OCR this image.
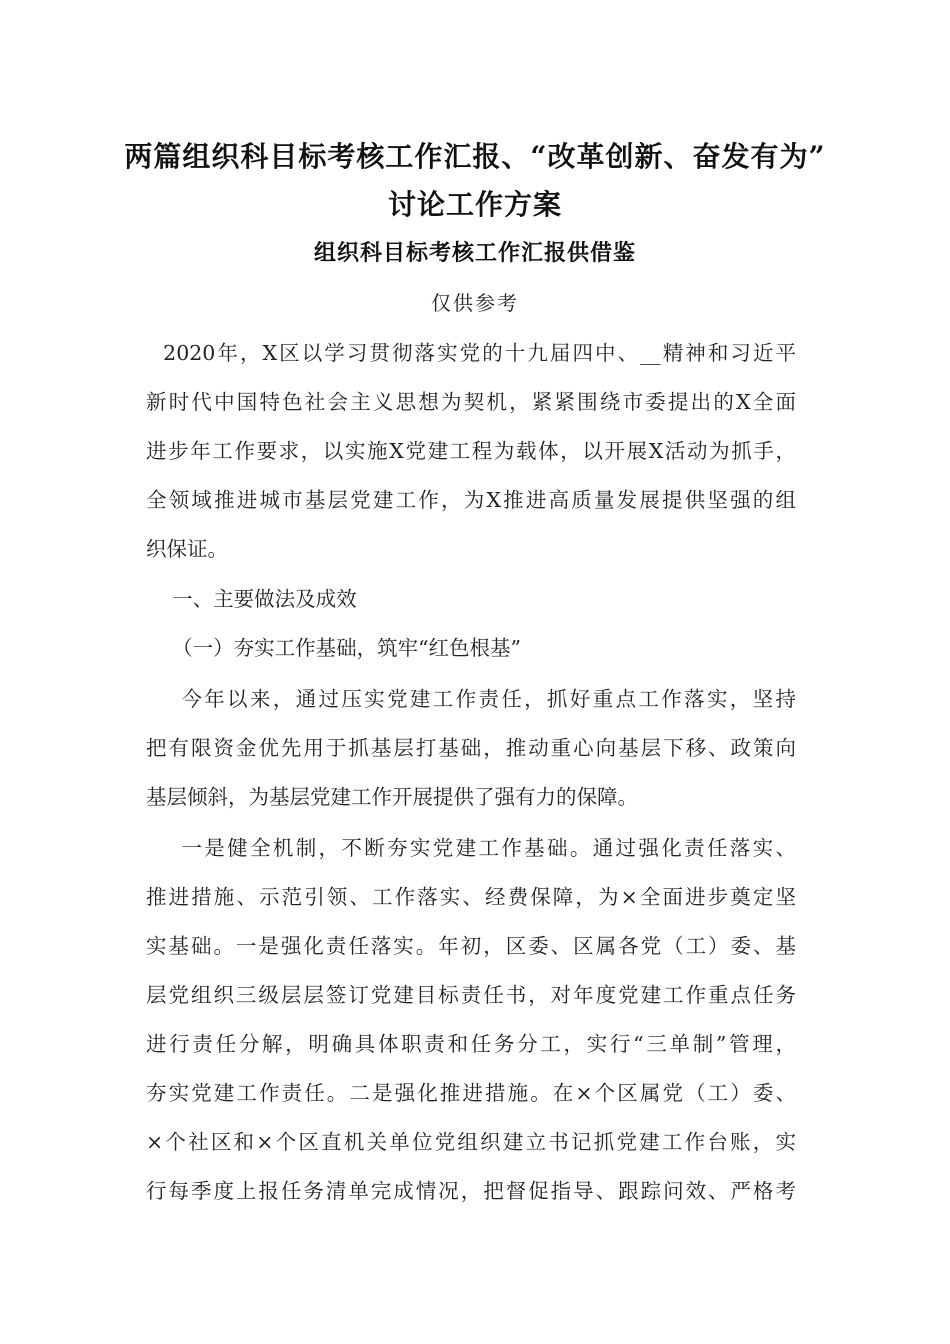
两篇组织科目标考核工作汇报、“改革创新、奋发有为”
讨论工作方案
组织科目标考核工作汇报供借鉴
仅供参考
2020年，X区以学习贯彻落实党的十九届四中、__精神和习近平
新时代中国特色社会主义思想为契机，紧紧围绕市委提出的X全面
进步年工作要求，以实施X党建工程为载体，以开展X活动为抓手，
全领域推进城市基层党建工作，为X推进高质量发展提供坚强的组
织保证。
一、主要做法及成效
（一）夯实工作基础，筑牢“红色根基”
今年以来，通过压实党建工作责任，抓好重点工作落实，坚持
把有限资金优先用于抓基层打基础，推动重心向基层下移、政策向
基层倾斜，为基层党建工作开展提供了强有力的保障。
一是健全机制，不断夯实党建工作基础。通过强化责任落实、
推进措施、示范引领、工作落实、经费保障，为×全面进步奠定坚
实基础。一是强化责任落实。年初，区委、区属各党（工）委、基
层党组织三级层层签订党建目标责任书，对年度党建工作重点任务
进行责任分解，明确具体职责和任务分工，实行“三单制”管理，
夯实党建工作责任。二是强化推进措施。在×个区属党（工）委、
×个社区和×个区直机关单位党组织建立书记抓党建工作台账，实
行每季度上报任务清单完成情况，把督促指导、跟踪问效、严格考
